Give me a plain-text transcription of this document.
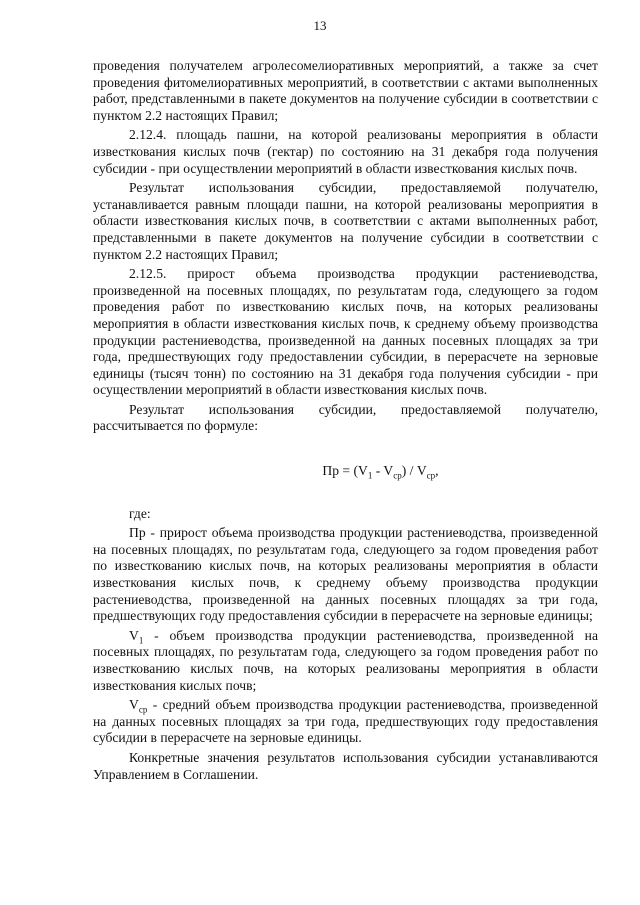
13

проведения получателем агролесомелиоративных мероприятий, а также за счет проведения фитомелиоративных мероприятий, в соответствии с актами выполненных работ, представленными в пакете документов на получение субсидии в соответствии с пунктом 2.2 настоящих Правил;

2.12.4. площадь пашни, на которой реализованы мероприятия в области известкования кислых почв (гектар) по состоянию на 31 декабря года получения субсидии - при осуществлении мероприятий в области известкования кислых почв.

Результат использования субсидии, предоставляемой получателю, устанавливается равным площади пашни, на которой реализованы мероприятия в области известкования кислых почв, в соответствии с актами выполненных работ, представленными в пакете документов на получение субсидии в соответствии с пунктом 2.2 настоящих Правил;

2.12.5. прирост объема производства продукции растениеводства, произведенной на посевных площадях, по результатам года, следующего за годом проведения работ по известкованию кислых почв, на которых реализованы мероприятия в области известкования кислых почв, к среднему объему производства продукции растениеводства, произведенной на данных посевных площадях за три года, предшествующих году предоставлении субсидии, в перерасчете на зерновые единицы (тысяч тонн) по состоянию на 31 декабря года получения субсидии - при осуществлении мероприятий в области известкования кислых почв.

Результат использования субсидии, предоставляемой получателю, рассчитывается по формуле:

Пр = $(V_1 - V_{ср}) / V_{ср}$,

где:

Пр - прирост объема производства продукции растениеводства, произведенной на посевных площадях, по результатам года, следующего за годом проведения работ по известкованию кислых почв, на которых реализованы мероприятия в области известкования кислых почв, к среднему объему производства продукции растениеводства, произведенной на данных посевных площадях за три года, предшествующих году предоставления субсидии в перерасчете на зерновые единицы;

$V_1$ - объем производства продукции растениеводства, произведенной на посевных площадях, по результатам года, следующего за годом проведения работ по известкованию кислых почв, на которых реализованы мероприятия в области известкования кислых почв;

$V_{ср}$ - средний объем производства продукции растениеводства, произведенной на данных посевных площадях за три года, предшествующих году предоставления субсидии в перерасчете на зерновые единицы.

Конкретные значения результатов использования субсидии устанавливаются Управлением в Соглашении.
